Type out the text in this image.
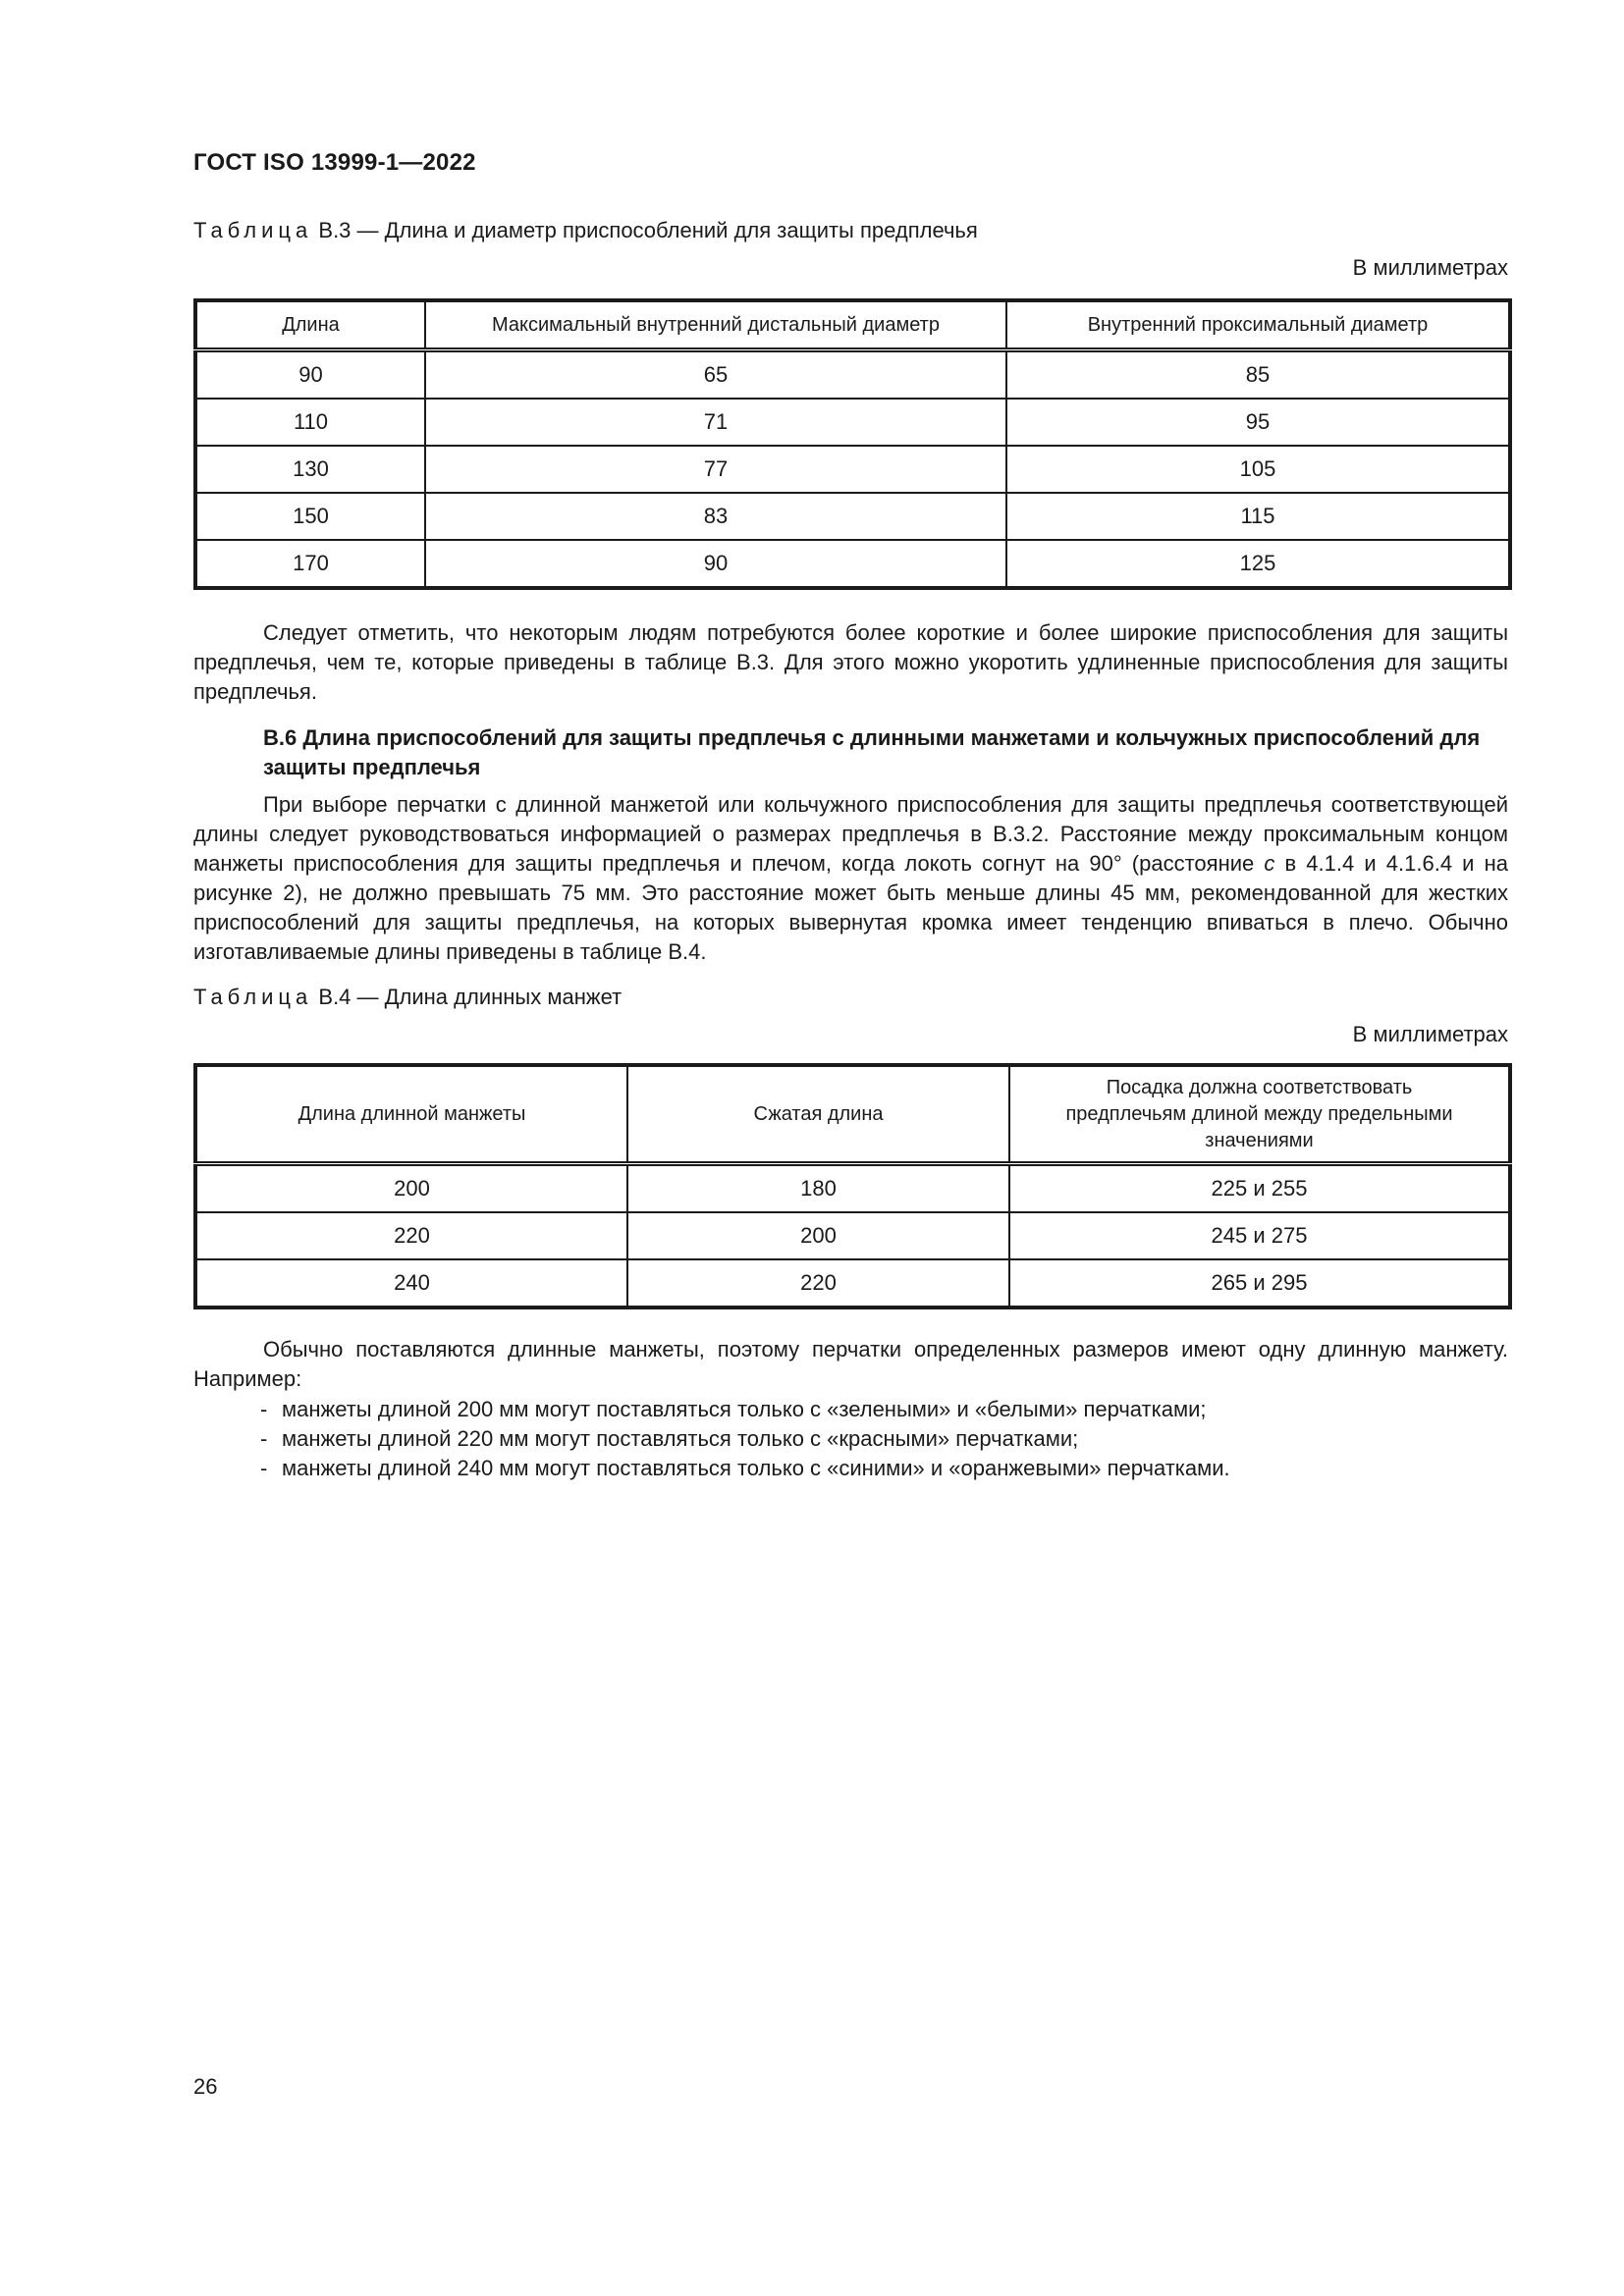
ГОСТ ISO 13999-1—2022
Таблица В.3 — Длина и диаметр приспособлений для защиты предплечья
В миллиметрах
Длина	Максимальный внутренний дистальный диаметр	Внутренний проксимальный диаметр
90	65	85
110	71	95
130	77	105
150	83	115
170	90	125
Следует отметить, что некоторым людям потребуются более короткие и более широкие приспособления для защиты предплечья, чем те, которые приведены в таблице В.3. Для этого можно укоротить удлиненные приспособления для защиты предплечья.
В.6 Длина приспособлений для защиты предплечья с длинными манжетами и кольчужных приспособлений для защиты предплечья
При выборе перчатки с длинной манжетой или кольчужного приспособления для защиты предплечья соответствующей длины следует руководствоваться информацией о размерах предплечья в В.3.2. Расстояние между проксимальным концом манжеты приспособления для защиты предплечья и плечом, когда локоть согнут на 90° (расстояние c в 4.1.4 и 4.1.6.4 и на рисунке 2), не должно превышать 75 мм. Это расстояние может быть меньше длины 45 мм, рекомендованной для жестких приспособлений для защиты предплечья, на которых вывернутая кромка имеет тенденцию впиваться в плечо. Обычно изготавливаемые длины приведены в таблице В.4.
Таблица В.4 — Длина длинных манжет
В миллиметрах
Длина длинной манжеты	Сжатая длина	Посадка должна соответствовать предплечьям длиной между предельными значениями
200	180	225 и 255
220	200	245 и 275
240	220	265 и 295
Обычно поставляются длинные манжеты, поэтому перчатки определенных размеров имеют одну длинную манжету. Например:
- манжеты длиной 200 мм могут поставляться только с «зелеными» и «белыми» перчатками;
- манжеты длиной 220 мм могут поставляться только с «красными» перчатками;
- манжеты длиной 240 мм могут поставляться только с «синими» и «оранжевыми» перчатками.
26
